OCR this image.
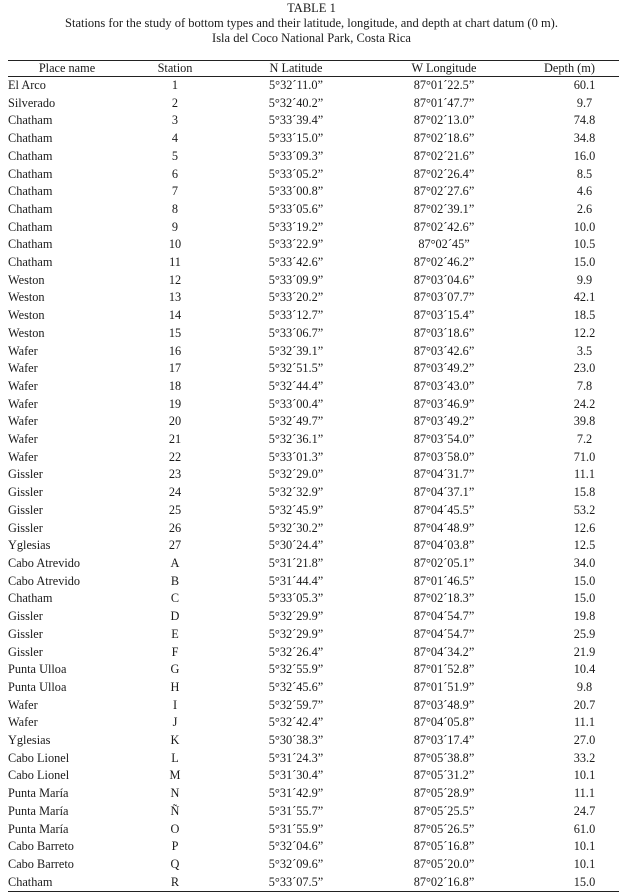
TABLE 1
Stations for the study of bottom types and their latitude, longitude, and depth at chart datum (0 m).
Isla del Coco National Park, Costa Rica
Place name	Station	N Latitude	W Longitude	Depth (m)
El Arco	1	5°32´11.0”	87°01´22.5”	60.1
Silverado	2	5°32´40.2”	87°01´47.7”	9.7
Chatham	3	5°33´39.4”	87°02´13.0”	74.8
Chatham	4	5°33´15.0”	87°02´18.6”	34.8
Chatham	5	5°33´09.3”	87°02´21.6”	16.0
Chatham	6	5°33´05.2”	87°02´26.4”	8.5
Chatham	7	5°33´00.8”	87°02´27.6”	4.6
Chatham	8	5°33´05.6”	87°02´39.1”	2.6
Chatham	9	5°33´19.2”	87°02´42.6”	10.0
Chatham	10	5°33´22.9”	87°02´45”	10.5
Chatham	11	5°33´42.6”	87°02´46.2”	15.0
Weston	12	5°33´09.9”	87°03´04.6”	9.9
Weston	13	5°33´20.2”	87°03´07.7”	42.1
Weston	14	5°33´12.7”	87°03´15.4”	18.5
Weston	15	5°33´06.7”	87°03´18.6”	12.2
Wafer	16	5°32´39.1”	87°03´42.6”	3.5
Wafer	17	5°32´51.5”	87°03´49.2”	23.0
Wafer	18	5°32´44.4”	87°03´43.0”	7.8
Wafer	19	5°33´00.4”	87°03´46.9”	24.2
Wafer	20	5°32´49.7”	87°03´49.2”	39.8
Wafer	21	5°32´36.1”	87°03´54.0”	7.2
Wafer	22	5°33´01.3”	87°03´58.0”	71.0
Gissler	23	5°32´29.0”	87°04´31.7”	11.1
Gissler	24	5°32´32.9”	87°04´37.1”	15.8
Gissler	25	5°32´45.9”	87°04´45.5”	53.2
Gissler	26	5°32´30.2”	87°04´48.9”	12.6
Yglesias	27	5°30´24.4”	87°04´03.8”	12.5
Cabo Atrevido	A	5°31´21.8”	87°02´05.1”	34.0
Cabo Atrevido	B	5°31´44.4”	87°01´46.5”	15.0
Chatham	C	5°33´05.3”	87°02´18.3”	15.0
Gissler	D	5°32´29.9”	87°04´54.7”	19.8
Gissler	E	5°32´29.9”	87°04´54.7”	25.9
Gissler	F	5°32´26.4”	87°04´34.2”	21.9
Punta Ulloa	G	5°32´55.9”	87°01´52.8”	10.4
Punta Ulloa	H	5°32´45.6”	87°01´51.9”	9.8
Wafer	I	5°32´59.7”	87°03´48.9”	20.7
Wafer	J	5°32´42.4”	87°04´05.8”	11.1
Yglesias	K	5°30´38.3”	87°03´17.4”	27.0
Cabo Lionel	L	5°31´24.3”	87°05´38.8”	33.2
Cabo Lionel	M	5°31´30.4”	87°05´31.2”	10.1
Punta María	N	5°31´42.9”	87°05´28.9”	11.1
Punta María	Ñ	5°31´55.7”	87°05´25.5”	24.7
Punta María	O	5°31´55.9”	87°05´26.5”	61.0
Cabo Barreto	P	5°32´04.6”	87°05´16.8”	10.1
Cabo Barreto	Q	5°32´09.6”	87°05´20.0”	10.1
Chatham	R	5°33´07.5”	87°02´16.8”	15.0
